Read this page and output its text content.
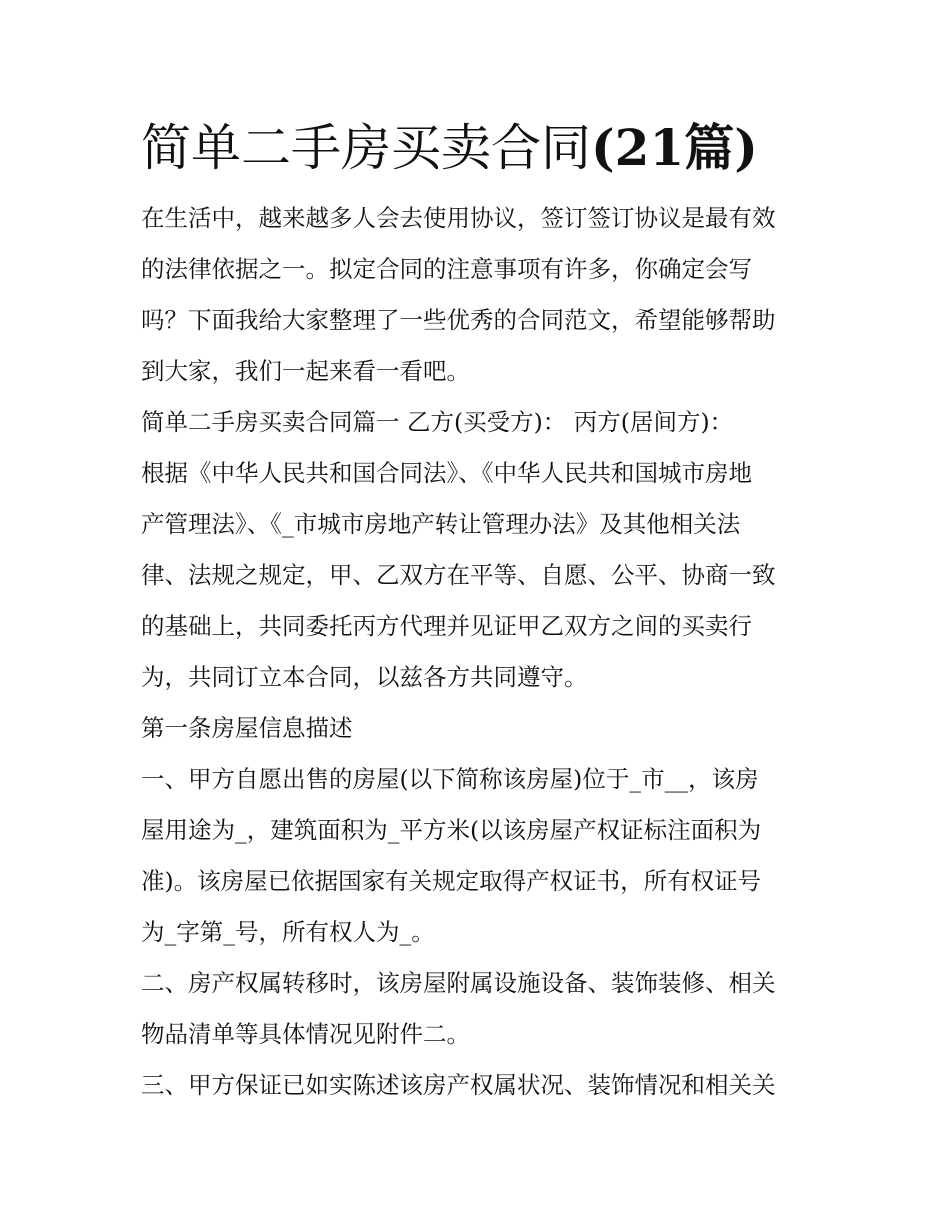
简单二手房买卖合同(21篇)

在生活中，越来越多人会去使用协议，签订签订协议是最有效

的法律依据之一。拟定合同的注意事项有许多，你确定会写

吗？下面我给大家整理了一些优秀的合同范文，希望能够帮助

到大家，我们一起来看一看吧。

简单二手房买卖合同篇一 乙方(买受方)： 丙方(居间方)：

根据《中华人民共和国合同法》、《中华人民共和国城市房地

产管理法》、《_市城市房地产转让管理办法》及其他相关法

律、法规之规定，甲、乙双方在平等、自愿、公平、协商一致

的基础上，共同委托丙方代理并见证甲乙双方之间的买卖行

为，共同订立本合同，以兹各方共同遵守。

第一条房屋信息描述

一、甲方自愿出售的房屋(以下简称该房屋)位于_市__，该房

屋用途为_，建筑面积为_平方米(以该房屋产权证标注面积为

准)。该房屋已依据国家有关规定取得产权证书，所有权证号

为_字第_号，所有权人为_。

二、房产权属转移时，该房屋附属设施设备、装饰装修、相关

物品清单等具体情况见附件二。

三、甲方保证已如实陈述该房产权属状况、装饰情况和相关关
